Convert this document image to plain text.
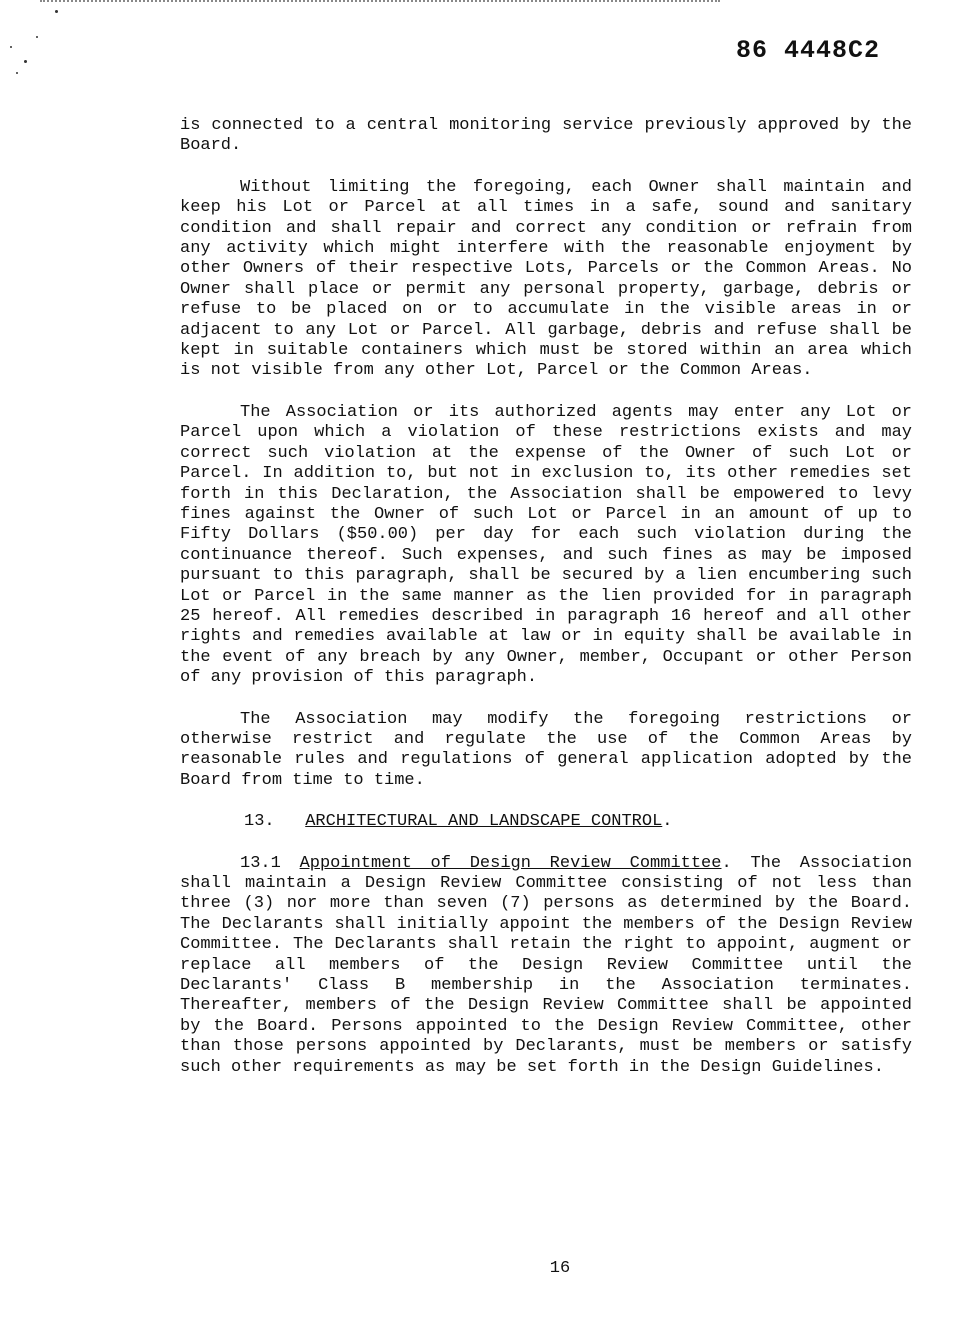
86 4448C2

is connected to a central monitoring service previously approved by the Board.

Without limiting the foregoing, each Owner shall maintain and keep his Lot or Parcel at all times in a safe, sound and sanitary condition and shall repair and correct any condition or refrain from any activity which might interfere with the reasonable enjoyment by other Owners of their respective Lots, Parcels or the Common Areas. No Owner shall place or permit any personal property, garbage, debris or refuse to be placed on or to accumulate in the visible areas in or adjacent to any Lot or Parcel. All garbage, debris and refuse shall be kept in suitable containers which must be stored within an area which is not visible from any other Lot, Parcel or the Common Areas.

The Association or its authorized agents may enter any Lot or Parcel upon which a violation of these restrictions exists and may correct such violation at the expense of the Owner of such Lot or Parcel. In addition to, but not in exclusion to, its other remedies set forth in this Declaration, the Association shall be empowered to levy fines against the Owner of such Lot or Parcel in an amount of up to Fifty Dollars ($50.00) per day for each such violation during the continuance thereof. Such expenses, and such fines as may be imposed pursuant to this paragraph, shall be secured by a lien encumbering such Lot or Parcel in the same manner as the lien provided for in paragraph 25 hereof. All remedies described in paragraph 16 hereof and all other rights and remedies available at law or in equity shall be available in the event of any breach by any Owner, member, Occupant or other Person of any provision of this paragraph.

The Association may modify the foregoing restrictions or otherwise restrict and regulate the use of the Common Areas by reasonable rules and regulations of general application adopted by the Board from time to time.

13. ARCHITECTURAL AND LANDSCAPE CONTROL.

13.1 Appointment of Design Review Committee. The Association shall maintain a Design Review Committee consisting of not less than three (3) nor more than seven (7) persons as determined by the Board. The Declarants shall initially appoint the members of the Design Review Committee. The Declarants shall retain the right to appoint, augment or replace all members of the Design Review Committee until the Declarants' Class B membership in the Association terminates. Thereafter, members of the Design Review Committee shall be appointed by the Board. Persons appointed to the Design Review Committee, other than those persons appointed by Declarants, must be members or satisfy such other requirements as may be set forth in the Design Guidelines.

16
